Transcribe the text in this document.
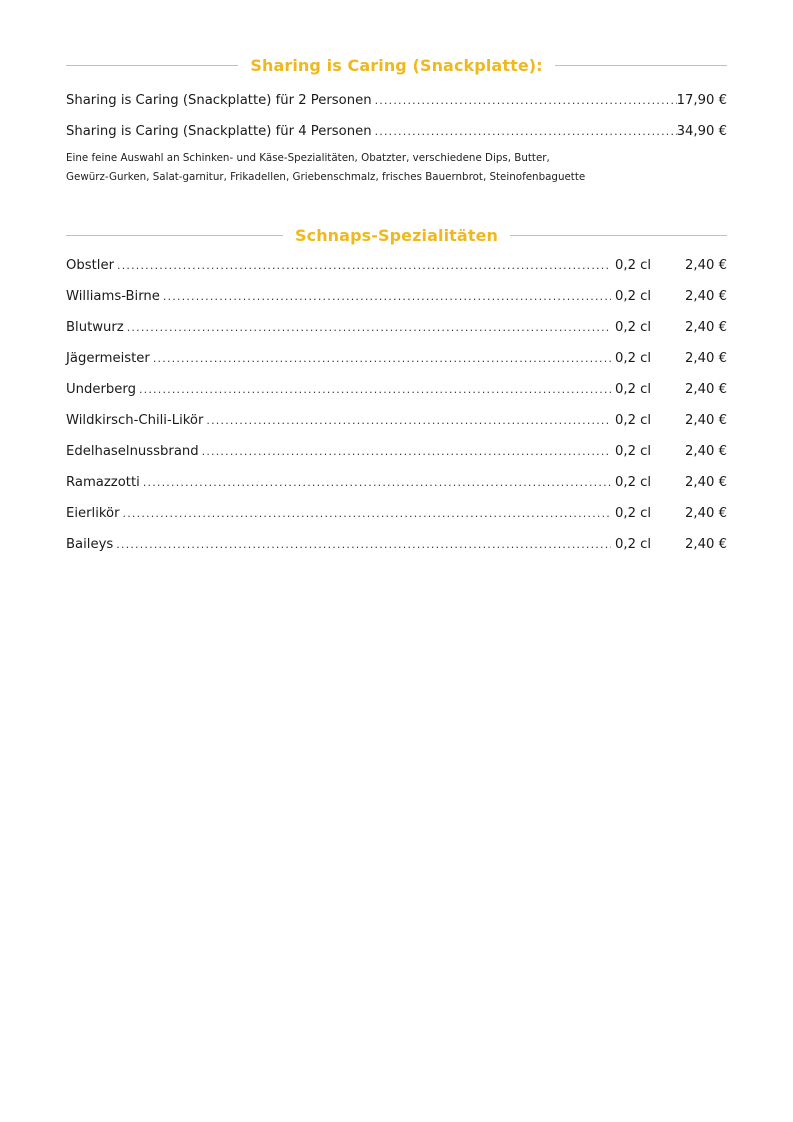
Sharing is Caring (Snackplatte):
Sharing is Caring (Snackplatte) für 2 Personen .....	17,90 €
Sharing is Caring (Snackplatte) für 4 Personen .....	34,90 €
Eine feine Auswahl an Schinken- und Käse-Spezialitäten, Obatzter, verschiedene Dips, Butter,
Gewürz-Gurken, Salat-garnitur, Frikadellen, Griebenschmalz, frisches Bauernbrot, Steinofenbaguette
Schnaps-Spezialitäten
Obstler .....	0,2 cl	2,40 €
Williams-Birne .....	0,2 cl	2,40 €
Blutwurz .....	0,2 cl	2,40 €
Jägermeister .....	0,2 cl	2,40 €
Underberg .....	0,2 cl	2,40 €
Wildkirsch-Chili-Likör .....	0,2 cl	2,40 €
Edelhaselnussbrand .....	0,2 cl	2,40 €
Ramazzotti .....	0,2 cl	2,40 €
Eierlikör .....	0,2 cl	2,40 €
Baileys .....	0,2 cl	2,40 €
